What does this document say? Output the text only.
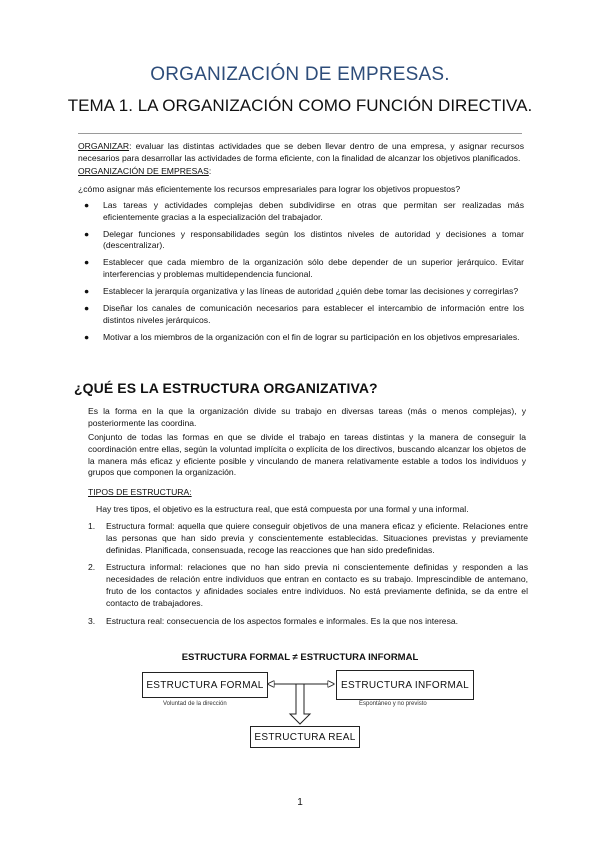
ORGANIZACIÓN DE EMPRESAS.
TEMA 1. LA ORGANIZACIÓN COMO FUNCIÓN DIRECTIVA.
ORGANIZAR: evaluar las distintas actividades que se deben llevar dentro de una empresa, y asignar recursos necesarios para desarrollar las actividades de forma eficiente, con la finalidad de alcanzar los objetivos planificados.
ORGANIZACIÓN DE EMPRESAS:
¿cómo asignar más eficientemente los recursos empresariales para lograr los objetivos propuestos?
● Las tareas y actividades complejas deben subdividirse en otras que permitan ser realizadas más eficientemente gracias a la especialización del trabajador.
● Delegar funciones y responsabilidades según los distintos niveles de autoridad y decisiones a tomar (descentralizar).
● Establecer que cada miembro de la organización sólo debe depender de un superior jerárquico. Evitar interferencias y problemas multidependencia funcional.
● Establecer la jerarquía organizativa y las líneas de autoridad ¿quién debe tomar las decisiones y corregirlas?
● Diseñar los canales de comunicación necesarios para establecer el intercambio de información entre los distintos niveles jerárquicos.
● Motivar a los miembros de la organización con el fin de lograr su participación en los objetivos empresariales.
¿QUÉ ES LA ESTRUCTURA ORGANIZATIVA?
Es la forma en la que la organización divide su trabajo en diversas tareas (más o menos complejas), y posteriormente las coordina.
Conjunto de todas las formas en que se divide el trabajo en tareas distintas y la manera de conseguir la coordinación entre ellas, según la voluntad implícita o explícita de los directivos, buscando alcanzar los objetos de la manera más eficaz y eficiente posible y vinculando de manera relativamente estable a todos los individuos y grupos que componen la organización.
TIPOS DE ESTRUCTURA:
Hay tres tipos, el objetivo es la estructura real, que está compuesta por una formal y una informal.
1. Estructura formal: aquella que quiere conseguir objetivos de una manera eficaz y eficiente. Relaciones entre las personas que han sido previa y conscientemente establecidas. Situaciones previstas y previamente definidas. Planificada, consensuada, recoge las reacciones que han sido predefinidas.
2. Estructura informal: relaciones que no han sido previa ni conscientemente definidas y responden a las necesidades de relación entre individuos que entran en contacto es su trabajo. Imprescindible de antemano, fruto de los contactos y afinidades sociales entre individuos. No está previamente definida, se da entre el contacto de trabajadores.
3. Estructura real: consecuencia de los aspectos formales e informales. Es la que nos interesa.
ESTRUCTURA FORMAL ≠ ESTRUCTURA INFORMAL
ESTRUCTURA FORMAL	ESTRUCTURA INFORMAL
ESTRUCTURA REAL
Voluntad de la dirección	Espontáneo y no previsto
1
